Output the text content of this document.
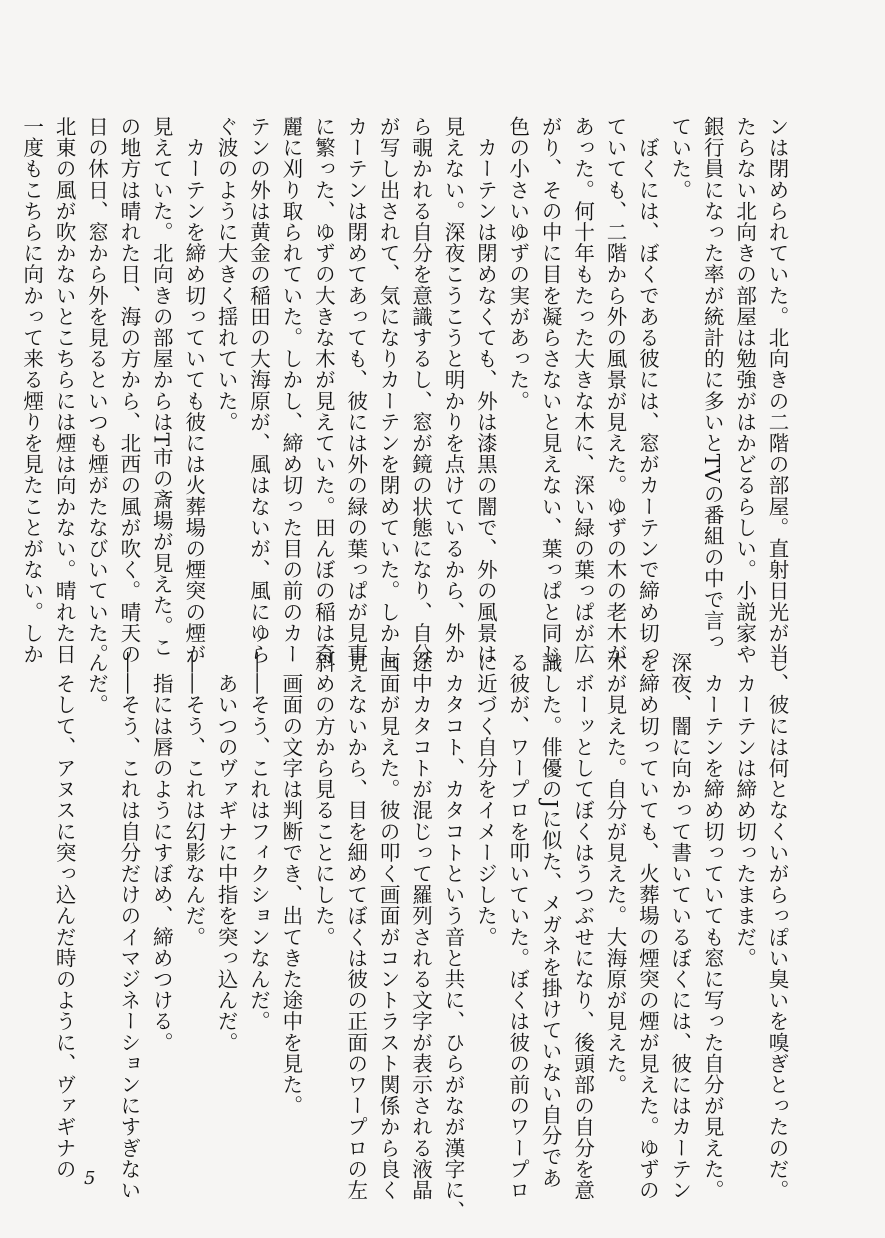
ンは閉められていた。北向きの二階の部屋。直射日光が当
たらない北向きの部屋は勉強がはかどるらしい。小説家や
銀行員になった率が統計的に多いとTVの番組の中で言っ
ていた。
　ぼくには、ぼくである彼には、窓がカーテンで締め切っ
ていても、二階から外の風景が見えた。ゆずの木の老木が
あった。何十年もたった大きな木に、深い緑の葉っぱが広
がり、その中に目を凝らさないと見えない、葉っぱと同じ
色の小さいゆずの実があった。
　カーテンは閉めなくても、外は漆黒の闇で、外の風景は
見えない。深夜こうこうと明かりを点けているから、外か
ら覗かれる自分を意識するし、窓が鏡の状態になり、自分
が写し出されて、気になりカーテンを閉めていた。しかし、
カーテンは閉めてあっても、彼には外の緑の葉っぱが見事
に繁った、ゆずの大きな木が見えていた。田んぼの稲は奇
麗に刈り取られていた。しかし、締め切った目の前のカー
テンの外は黄金の稲田の大海原が、風はないが、風にゆら
ぐ波のように大きく揺れていた。
　カーテンを締め切っていても彼には火葬場の煙突の煙が
見えていた。北向きの部屋からはT市の斎場が見えた。こ
の地方は晴れた日、海の方から、北西の風が吹く。晴天の
日の休日、窓から外を見るといつも煙がたなびいていた。
北東の風が吹かないとこちらには煙は向かない。晴れた日
一度もこちらに向かって来る煙りを見たことがない。しか
し、彼には何となくいがらっぽい臭いを嗅ぎとったのだ。
　カーテンは締め切ったままだ。
　カーテンを締め切っていても窓に写った自分が見えた。
深夜、闇に向かって書いているぼくには、彼にはカーテン
を締め切っていても、火葬場の煙突の煙が見えた。ゆずの
木が見えた。自分が見えた。大海原が見えた。
　ボーッとしてぼくはうつぶせになり、後頭部の自分を意
識した。俳優のJに似た、メガネを掛けていない自分であ
る彼が、ワープロを叩いていた。ぼくは彼の前のワープロ
に近づく自分をイメージした。
　カタコト、カタコトという音と共に、ひらがなが漢字に、
途中カタコトが混じって羅列される文字が表示される液晶
画面が見えた。彼の叩く画面がコントラスト関係から良く
見えないから、目を細めてぼくは彼の正面のワープロの左
斜めの方から見ることにした。
　画面の文字は判断でき、出てきた途中を見た。
――そう、これはフィクションなんだ。
　あいつのヴァギナに中指を突っ込んだ。
――そう、これは幻影なんだ。
　指には唇のようにすぼめ、締めつける。
――そう、これは自分だけのイマジネーションにすぎない
んだ。
　そして、アヌスに突っ込んだ時のように、ヴァギナの 5
